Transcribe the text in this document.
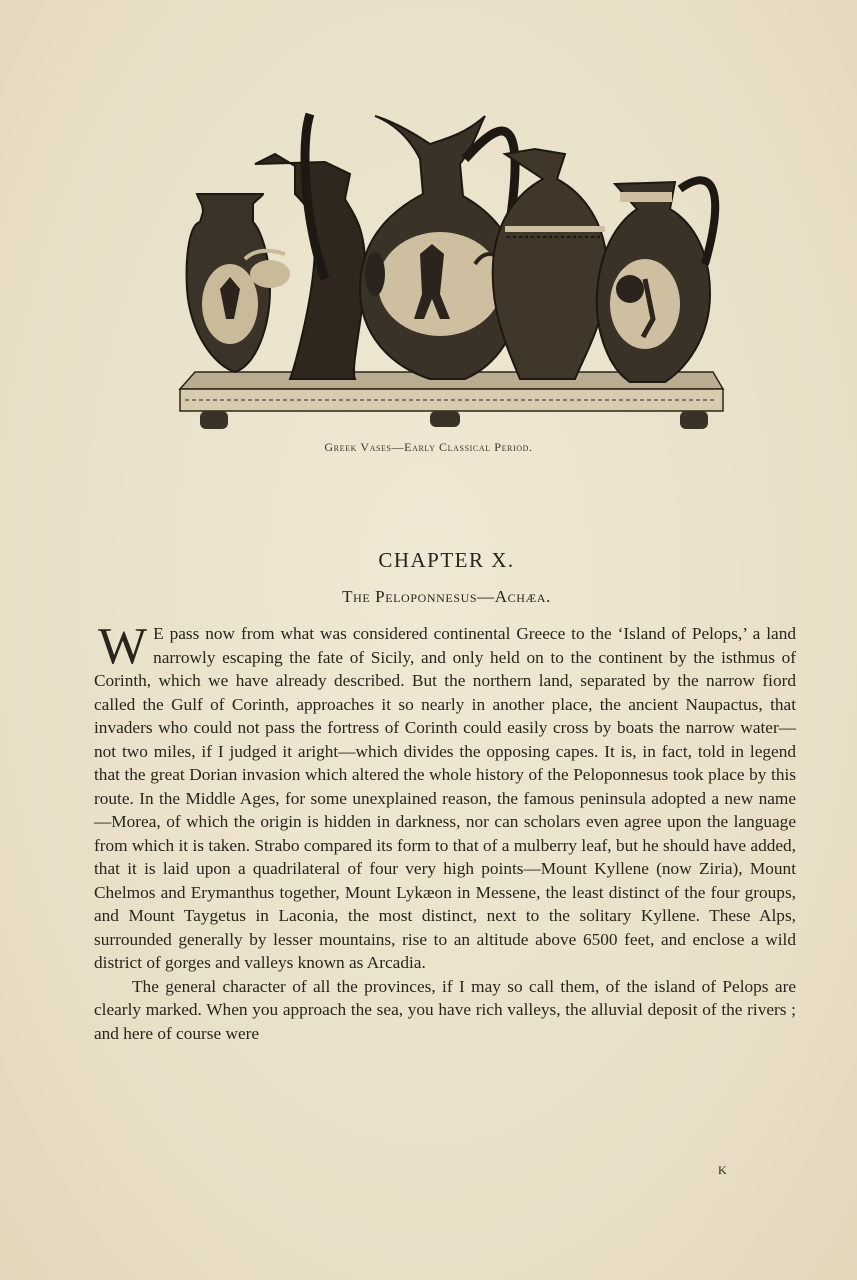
Greek Vases—Early Classical Period.
CHAPTER X.
The Peloponnesus—Achæa.

W E pass now from what was considered continental Greece to the ‘Island of Pelops,’ a land narrowly escaping the fate of Sicily, and only held on to the continent by the isthmus of Corinth, which we have already described. But the northern land, separated by the narrow fiord called the Gulf of Corinth, approaches it so nearly in another place, the ancient Naupactus, that invaders who could not pass the fortress of Corinth could easily cross by boats the narrow water—not two miles, if I judged it aright—which divides the opposing capes. It is, in fact, told in legend that the great Dorian invasion which altered the whole history of the Peloponnesus took place by this route. In the Middle Ages, for some unexplained reason, the famous peninsula adopted a new name—Morea, of which the origin is hidden in darkness, nor can scholars even agree upon the language from which it is taken. Strabo compared its form to that of a mulberry leaf, but he should have added, that it is laid upon a quadrilateral of four very high points—Mount Kyllene (now Ziria), Mount Chelmos and Erymanthus together, Mount Lykæon in Messene, the least distinct of the four groups, and Mount Taygetus in Laconia, the most distinct, next to the solitary Kyllene. These Alps, surrounded generally by lesser mountains, rise to an altitude above 6500 feet, and enclose a wild district of gorges and valleys known as Arcadia.

The general character of all the provinces, if I may so call them, of the island of Pelops are clearly marked. When you approach the sea, you have rich valleys, the alluvial deposit of the rivers ; and here of course were

K
